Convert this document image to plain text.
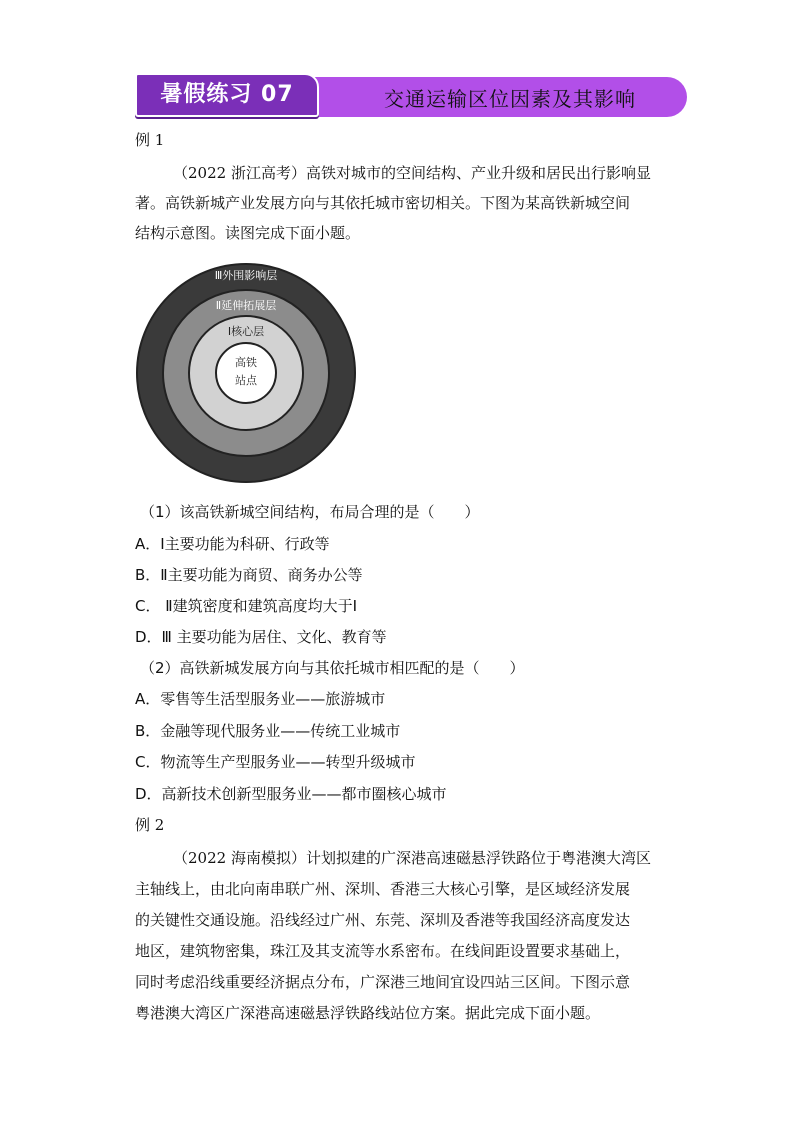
暑假练习 07	交通运输区位因素及其影响
例 1
（2022 浙江高考）高铁对城市的空间结构、产业升级和居民出行影响显
著。高铁新城产业发展方向与其依托城市密切相关。下图为某高铁新城空间
结构示意图。读图完成下面小题。
Ⅲ外围影响层
Ⅱ延伸拓展层
Ⅰ核心层
高铁
站点
（1）该高铁新城空间结构，布局合理的是（　　）
A．Ⅰ主要功能为科研、行政等
B．Ⅱ主要功能为商贸、商务办公等
C． Ⅱ建筑密度和建筑高度均大于Ⅰ
D．Ⅲ 主要功能为居住、文化、教育等
（2）高铁新城发展方向与其依托城市相匹配的是（　　）
A．零售等生活型服务业——旅游城市
B．金融等现代服务业——传统工业城市
C．物流等生产型服务业——转型升级城市
D．高新技术创新型服务业——都市圈核心城市
例 2
（2022 海南模拟）计划拟建的广深港高速磁悬浮铁路位于粤港澳大湾区
主轴线上，由北向南串联广州、深圳、香港三大核心引擎，是区域经济发展
的关键性交通设施。沿线经过广州、东莞、深圳及香港等我国经济高度发达
地区，建筑物密集，珠江及其支流等水系密布。在线间距设置要求基础上，
同时考虑沿线重要经济据点分布，广深港三地间宜设四站三区间。下图示意
粤港澳大湾区广深港高速磁悬浮铁路线站位方案。据此完成下面小题。
